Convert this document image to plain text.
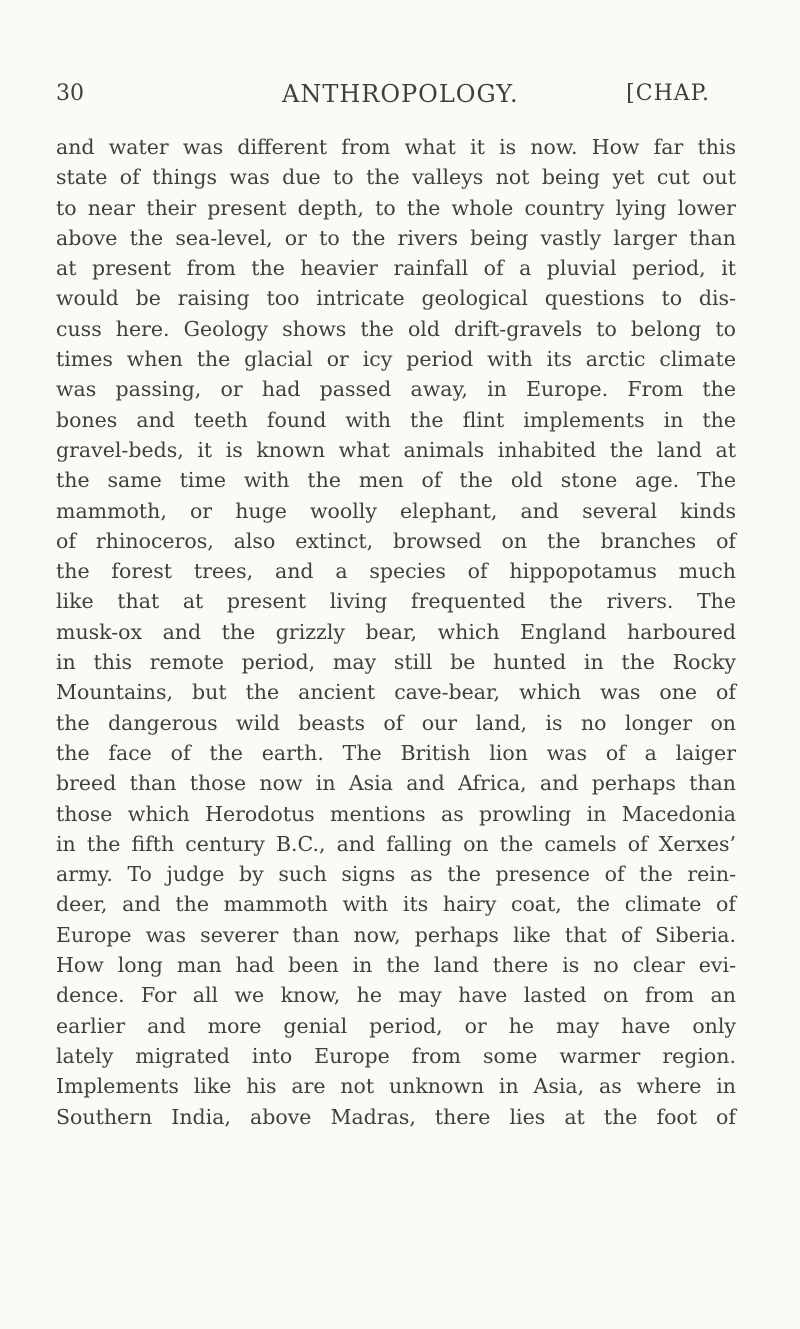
30	ANTHROPOLOGY.	[CHAP.
and water was different from what it is now. How far this
state of things was due to the valleys not being yet cut out
to near their present depth, to the whole country lying lower
above the sea-level, or to the rivers being vastly larger than
at present from the heavier rainfall of a pluvial period, it
would be raising too intricate geological questions to dis-
cuss here. Geology shows the old drift-gravels to belong to
times when the glacial or icy period with its arctic climate
was passing, or had passed away, in Europe. From the
bones and teeth found with the flint implements in the
gravel-beds, it is known what animals inhabited the land at
the same time with the men of the old stone age. The
mammoth, or huge woolly elephant, and several kinds
of rhinoceros, also extinct, browsed on the branches of
the forest trees, and a species of hippopotamus much
like that at present living frequented the rivers. The
musk-ox and the grizzly bear, which England harboured
in this remote period, may still be hunted in the Rocky
Mountains, but the ancient cave-bear, which was one of
the dangerous wild beasts of our land, is no longer on
the face of the earth. The British lion was of a laiger
breed than those now in Asia and Africa, and perhaps than
those which Herodotus mentions as prowling in Macedonia
in the fifth century B.C., and falling on the camels of Xerxes’
army. To judge by such signs as the presence of the rein-
deer, and the mammoth with its hairy coat, the climate of
Europe was severer than now, perhaps like that of Siberia.
How long man had been in the land there is no clear evi-
dence. For all we know, he may have lasted on from an
earlier and more genial period, or he may have only
lately migrated into Europe from some warmer region.
Implements like his are not unknown in Asia, as where in
Southern India, above Madras, there lies at the foot of
